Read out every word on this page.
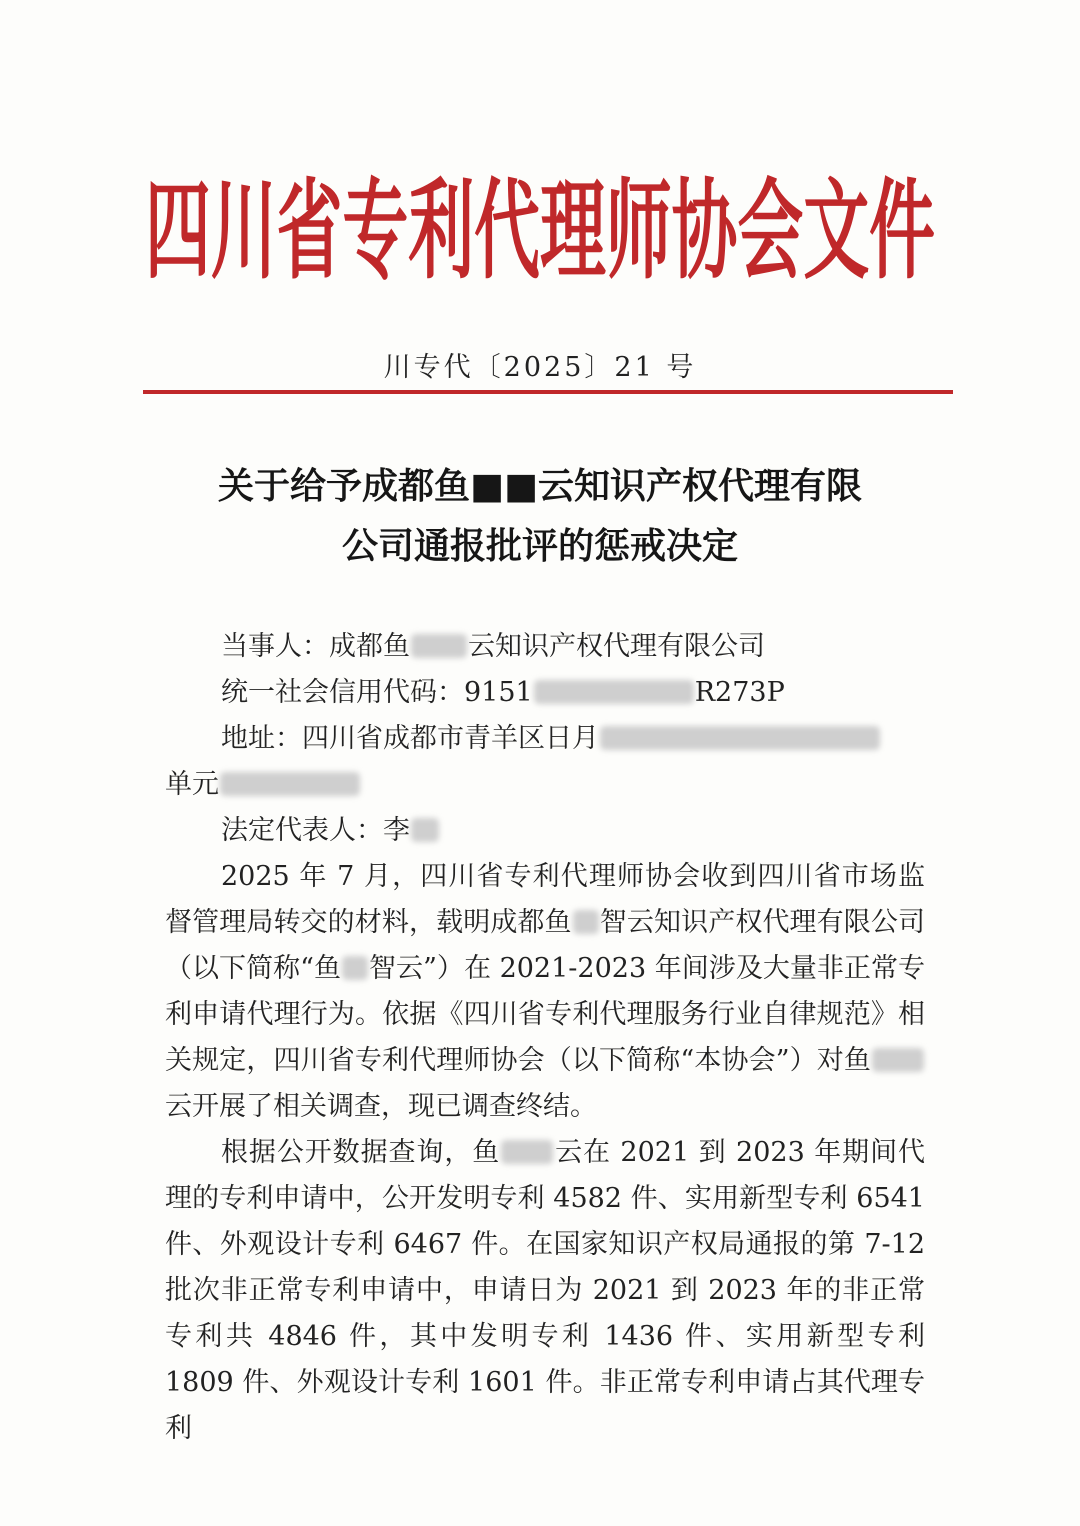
四川省专利代理师协会文件
川专代〔2025〕21 号
关于给予成都鱼■■云知识产权代理有限
公司通报批评的惩戒决定
当事人：成都鱼 云知识产权代理有限公司
统一社会信用代码：9151	R273P
地址：四川省成都市青羊区日月
单元
法定代表人：李
2025 年 7 月，四川省专利代理师协会收到四川省市场监督管理局转交的材料，载明成都鱼 智云知识产权代理有限公司（以下简称“鱼 智云”）在 2021-2023 年间涉及大量非正常专利申请代理行为。依据《四川省专利代理服务行业自律规范》相关规定，四川省专利代理师协会（以下简称“本协会”）对鱼云开展了相关调查，现已调查终结。
根据公开数据查询，鱼 云在 2021 到 2023 年期间代理的专利申请中，公开发明专利 4582 件、实用新型专利 6541 件、外观设计专利 6467 件。在国家知识产权局通报的第 7-12 批次非正常专利申请中，申请日为 2021 到 2023 年的非正常专利共 4846 件，其中发明专利 1436 件、实用新型专利 1809 件、外观设计专利 1601 件。非正常专利申请占其代理专利
